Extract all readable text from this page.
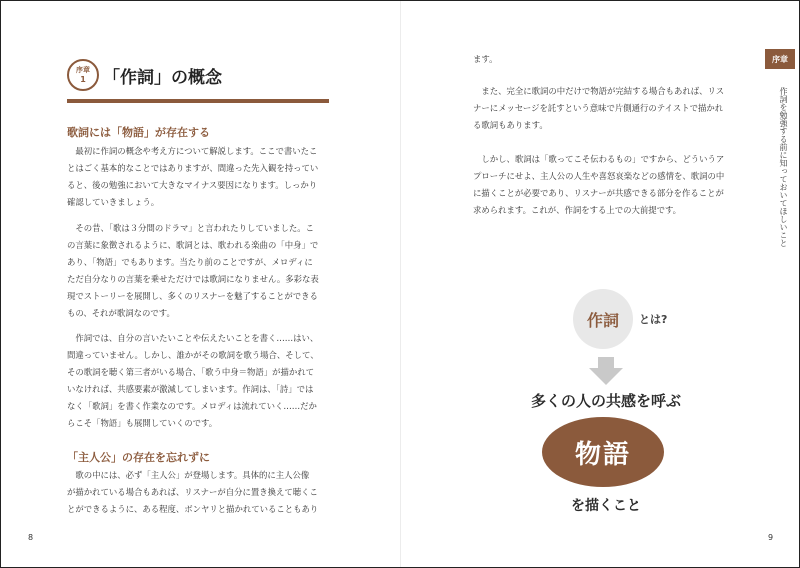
序章
1 「作詞」の概念
歌詞には「物語」が存在する

　最初に作詞の概念や考え方について解説します。ここで書いたこ

とはごく基本的なことではありますが、間違った先入観を持ってい

ると、後の勉強において大きなマイナス要因になります。しっかり

確認していきましょう。

　その昔、「歌は３分間のドラマ」と言われたりしていました。こ

の言葉に象徴されるように、歌詞とは、歌われる楽曲の「中身」で

あり、「物語」でもあります。当たり前のことですが、メロディに

ただ自分なりの言葉を乗せただけでは歌詞になりません。多彩な表

現でストーリーを展開し、多くのリスナーを魅了することができる

もの、それが歌詞なのです。

　作詞では、自分の言いたいことや伝えたいことを書く……はい、

間違っていません。しかし、誰かがその歌詞を歌う場合、そして、

その歌詞を聴く第三者がいる場合、「歌う中身＝物語」が描かれて

いなければ、共感要素が激減してしまいます。作詞は、「詩」では

なく「歌詞」を書く作業なのです。メロディは流れていく……だか

らこそ「物語」も展開していくのです。

「主人公」の存在を忘れずに

　歌の中には、必ず「主人公」が登場します。具体的に主人公像

が描かれている場合もあれば、リスナーが自分に置き換えて聴くこ

とができるように、ある程度、ボンヤリと描かれていることもあり

8

ます。

　また、完全に歌詞の中だけで物語が完結する場合もあれば、リス

ナーにメッセージを託すという意味で片側通行のテイストで描かれ

る歌詞もあります。

　しかし、歌詞は「歌ってこそ伝わるもの」ですから、どういうア

プローチにせよ、主人公の人生や喜怒哀楽などの感情を、歌詞の中

に描くことが必要であり、リスナーが共感できる部分を作ることが

求められます。これが、作詞をする上での大前提です。

序章
作詞を勉強する前に知っておいてほしいこと
作詞	とは?
多くの人の共感を呼ぶ
物語
を描くこと
9
